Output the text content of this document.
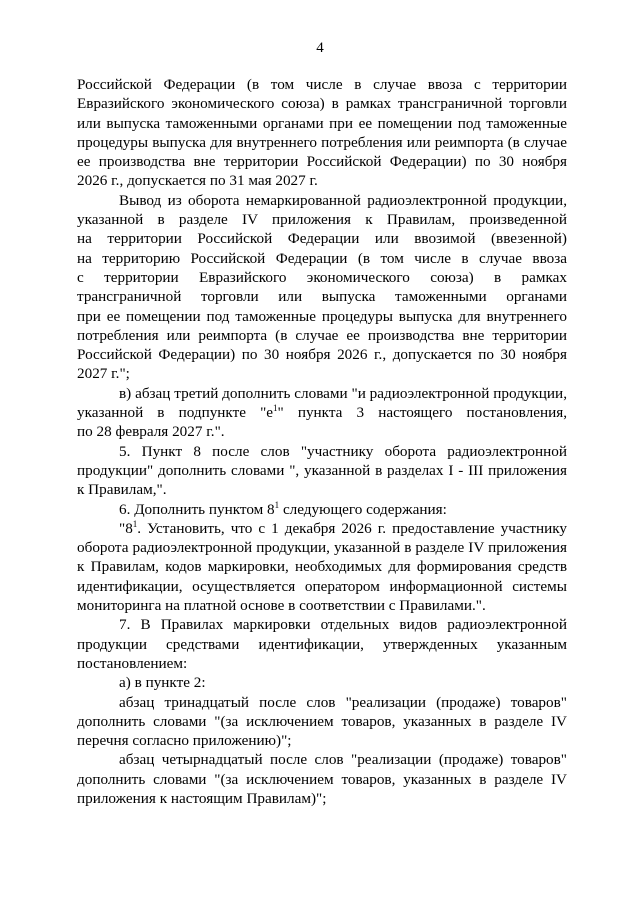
4
Российской Федерации (в том числе в случае ввоза с территории
Евразийского экономического союза) в рамках трансграничной торговли
или выпуска таможенными органами при ее помещении под таможенные
процедуры выпуска для внутреннего потребления или реимпорта (в случае
ее производства вне территории Российской Федерации) по 30 ноября
2026 г., допускается по 31 мая 2027 г.
Вывод из оборота немаркированной радиоэлектронной продукции,
указанной в разделе IV приложения к Правилам, произведенной
на территории Российской Федерации или ввозимой (ввезенной)
на территорию Российской Федерации (в том числе в случае ввоза
с территории Евразийского экономического союза) в рамках
трансграничной торговли или выпуска таможенными органами
при ее помещении под таможенные процедуры выпуска для внутреннего
потребления или реимпорта (в случае ее производства вне территории
Российской Федерации) по 30 ноября 2026 г., допускается по 30 ноября
2027 г.";
в) абзац третий дополнить словами "и радиоэлектронной продукции,
указанной в подпункте "$е^1$" пункта 3 настоящего постановления,
по 28 февраля 2027 г.".
5. Пункт 8 после слов "участнику оборота радиоэлектронной
продукции" дополнить словами ", указанной в разделах I - III приложения
к Правилам,".
6. Дополнить пунктом $8^1$ следующего содержания:
"$8^1$. Установить, что с 1 декабря 2026 г. предоставление участнику
оборота радиоэлектронной продукции, указанной в разделе IV приложения
к Правилам, кодов маркировки, необходимых для формирования средств
идентификации, осуществляется оператором информационной системы
мониторинга на платной основе в соответствии с Правилами.".
7. В Правилах маркировки отдельных видов радиоэлектронной
продукции средствами идентификации, утвержденных указанным
постановлением:
а) в пункте 2:
абзац тринадцатый после слов "реализации (продаже) товаров"
дополнить словами "(за исключением товаров, указанных в разделе IV
перечня согласно приложению)";
абзац четырнадцатый после слов "реализации (продаже) товаров"
дополнить словами "(за исключением товаров, указанных в разделе IV
приложения к настоящим Правилам)";
